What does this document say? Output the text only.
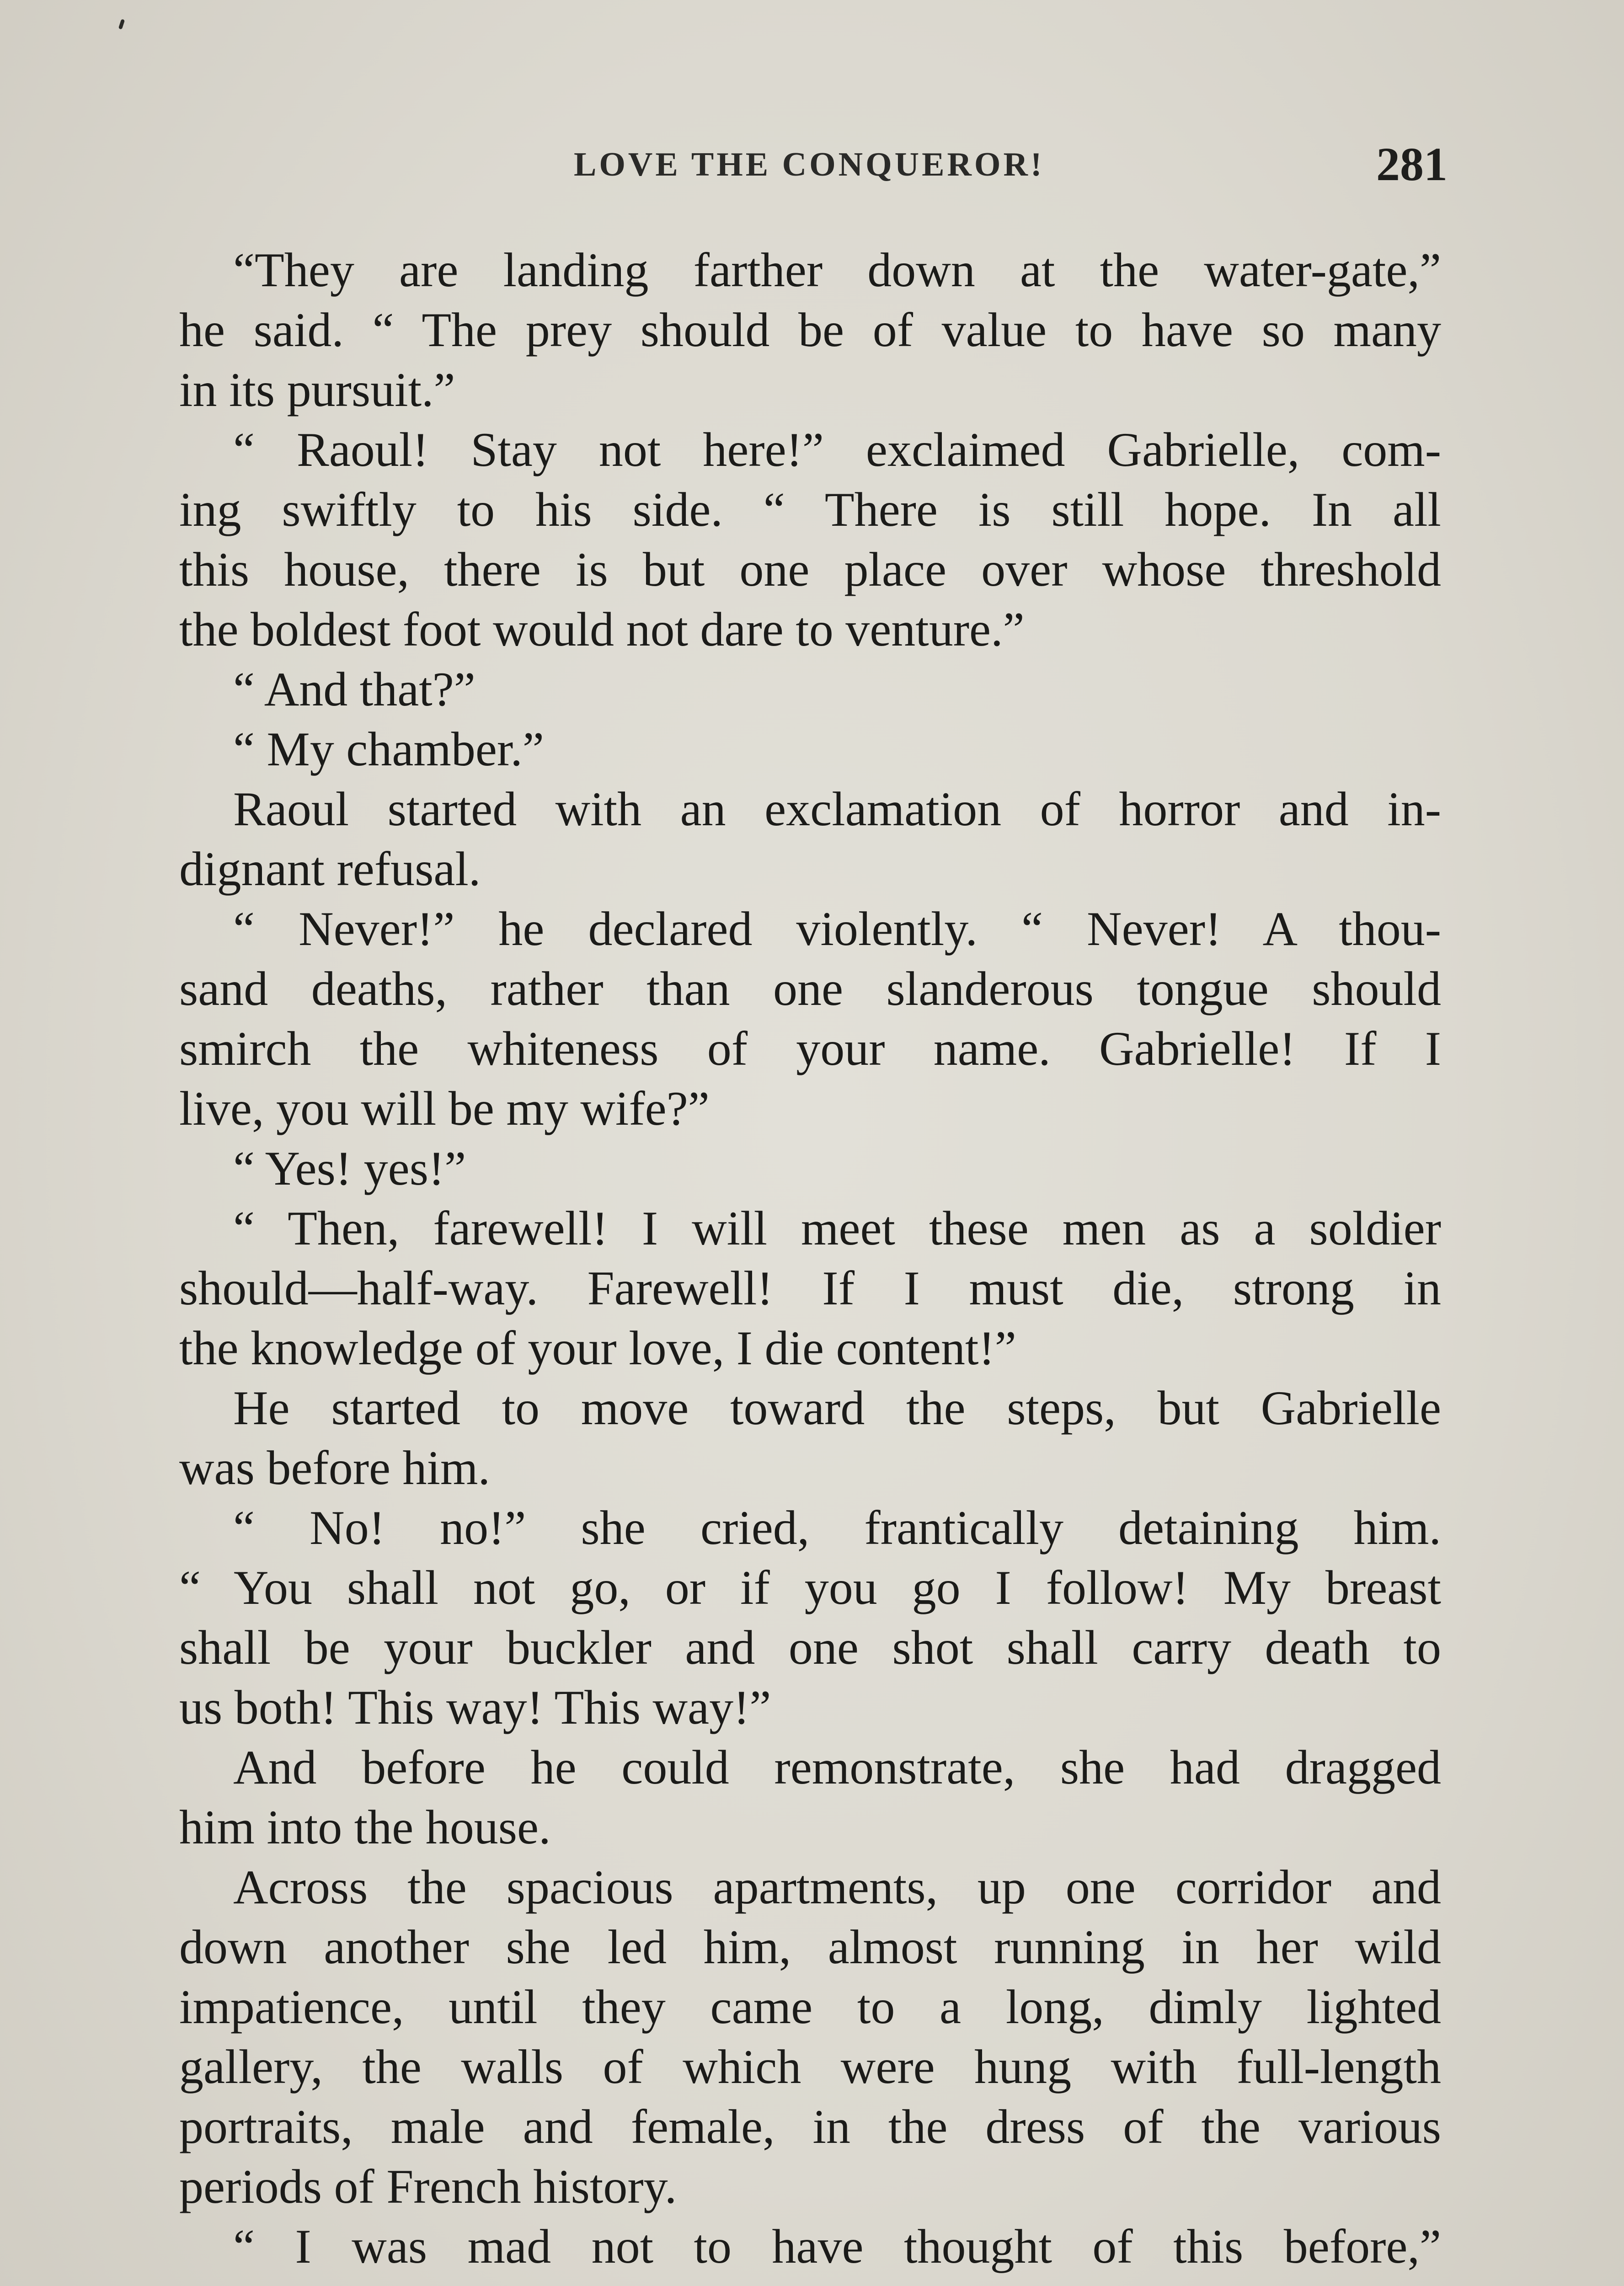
LOVE THE CONQUEROR!	281
“They are landing farther down at the water-gate,”
he said. “ The prey should be of value to have so many
in its pursuit.”
“ Raoul! Stay not here!” exclaimed Gabrielle, com-
ing swiftly to his side. “ There is still hope. In all
this house, there is but one place over whose threshold
the boldest foot would not dare to venture.”
“ And that?”
“ My chamber.”
Raoul started with an exclamation of horror and in-
dignant refusal.
“ Never!” he declared violently. “ Never! A thou-
sand deaths, rather than one slanderous tongue should
smirch the whiteness of your name. Gabrielle! If I
live, you will be my wife?”
“ Yes! yes!”
“ Then, farewell! I will meet these men as a soldier
should—half-way. Farewell! If I must die, strong in
the knowledge of your love, I die content!”
He started to move toward the steps, but Gabrielle
was before him.
“ No! no!” she cried, frantically detaining him.
“ You shall not go, or if you go I follow! My breast
shall be your buckler and one shot shall carry death to
us both! This way! This way!”
And before he could remonstrate, she had dragged
him into the house.
Across the spacious apartments, up one corridor and
down another she led him, almost running in her wild
impatience, until they came to a long, dimly lighted
gallery, the walls of which were hung with full-length
portraits, male and female, in the dress of the various
periods of French history.
“ I was mad not to have thought of this before,”
